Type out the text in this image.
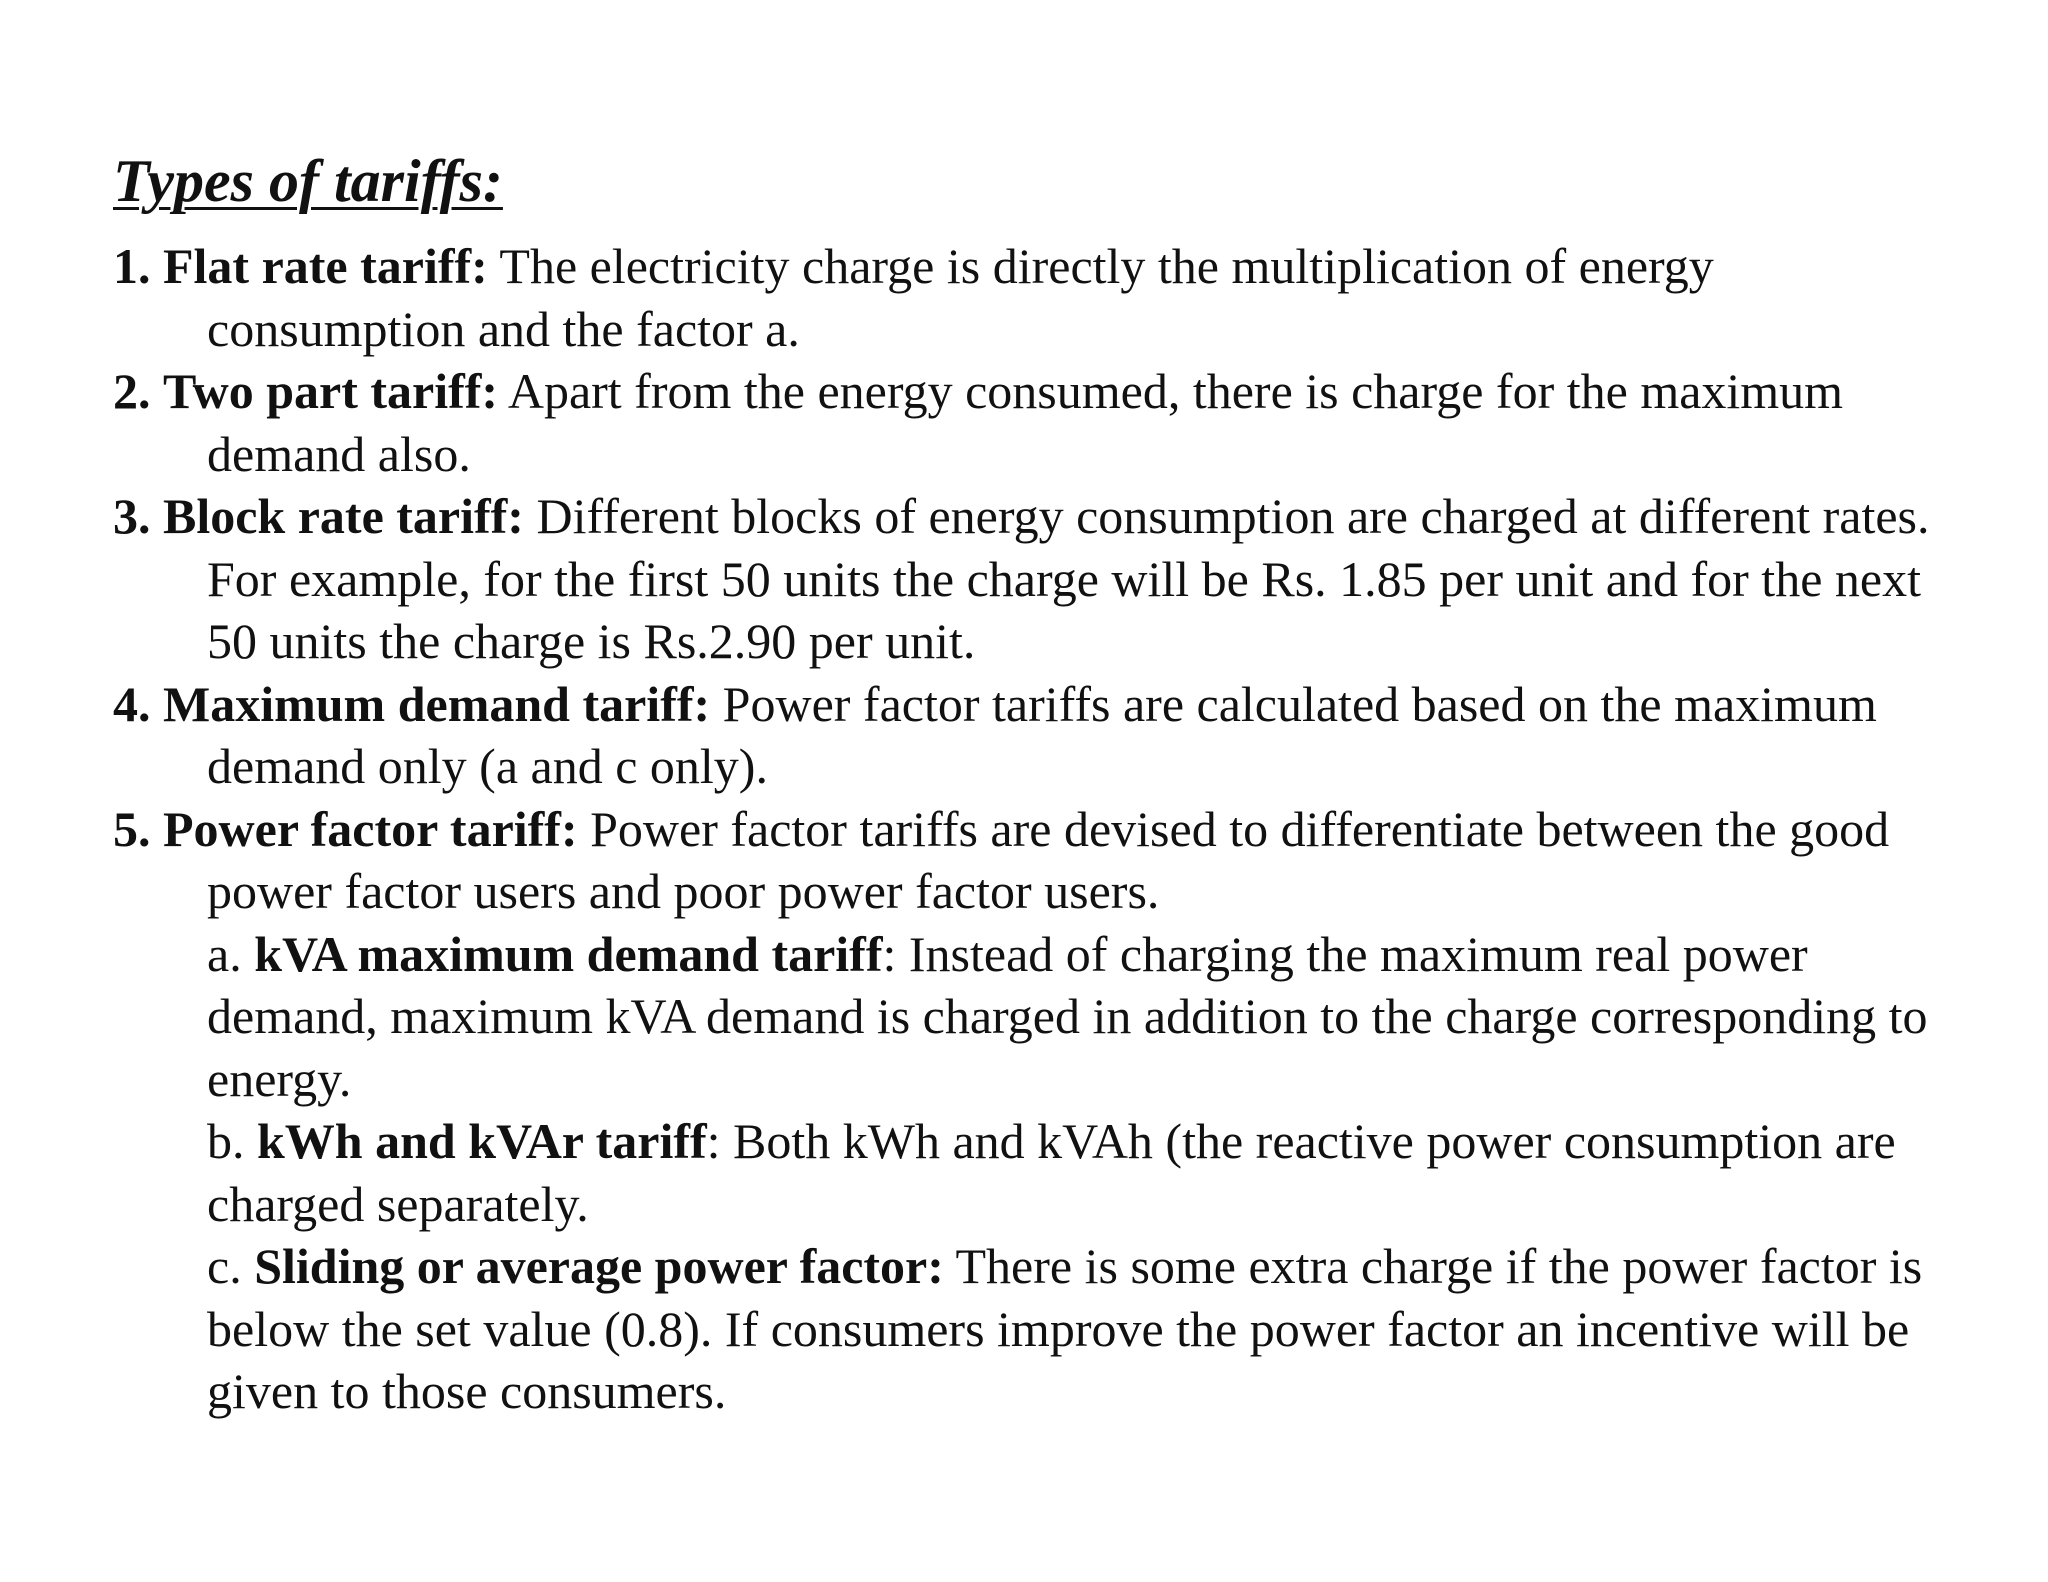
Types of tariffs:

1. Flat rate tariff: The electricity charge is directly the multiplication of energy consumption and the factor a.

2. Two part tariff: Apart from the energy consumed, there is charge for the maximum demand also.

3. Block rate tariff: Different blocks of energy consumption are charged at different rates. For example, for the first 50 units the charge will be Rs. 1.85 per unit and for the next 50 units the charge is Rs.2.90 per unit.

4. Maximum demand tariff: Power factor tariffs are calculated based on the maximum demand only (a and c only).

5. Power factor tariff: Power factor tariffs are devised to differentiate between the good power factor users and poor power factor users.

a. kVA maximum demand tariff: Instead of charging the maximum real power demand, maximum kVA demand is charged in addition to the charge corresponding to energy.

b. kWh and kVAr tariff: Both kWh and kVAh (the reactive power consumption are charged separately.

c. Sliding or average power factor: There is some extra charge if the power factor is below the set value (0.8). If consumers improve the power factor an incentive will be given to those consumers.
